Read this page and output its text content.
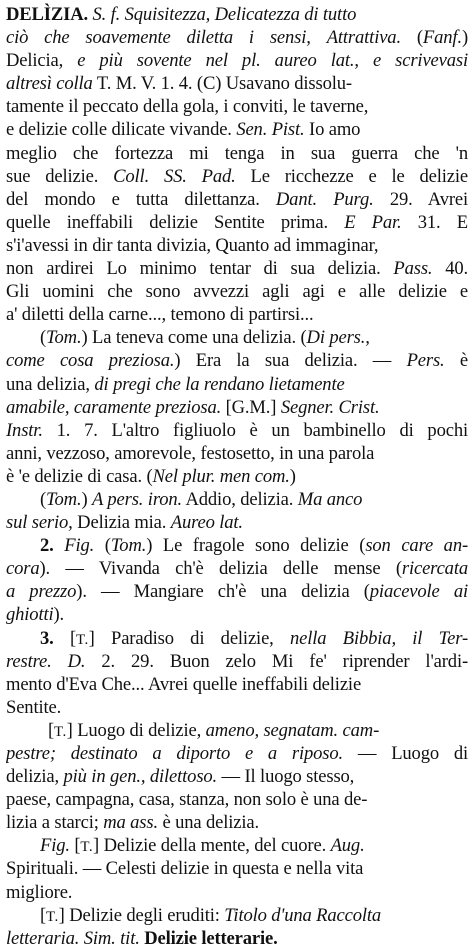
DELÌZIA. S. f. Squisitezza, Delicatezza di tutto
ciò che soavemente diletta i sensi, Attrattiva. (Fanf.)
Delicia, e più sovente nel pl. aureo lat., e scrivevasi
altresì colla T. M. V. 1. 4. (C) Usavano dissolu-
tamente il peccato della gola, i conviti, le taverne,
e delizie colle dilicate vivande. Sen. Pist. Io amo
meglio che fortezza mi tenga in sua guerra che 'n
sue delizie. Coll. SS. Pad. Le ricchezze e le delizie
del mondo e tutta dilettanza. Dant. Purg. 29. Avrei
quelle ineffabili delizie Sentite prima. E Par. 31. E
s'i'avessi in dir tanta divizia, Quanto ad immaginar,
non ardirei Lo minimo tentar di sua delizia. Pass. 40.
Gli uomini che sono avvezzi agli agi e alle delizie e
a' diletti della carne..., temono di partirsi...
(Tom.) La teneva come una delizia. (Di pers.,
come cosa preziosa.) Era la sua delizia. — Pers. è
una delizia, di pregi che la rendano lietamente
amabile, caramente preziosa. [G.M.] Segner. Crist.
Instr. 1. 7. L'altro figliuolo è un bambinello di pochi
anni, vezzoso, amorevole, festosetto, in una parola
è 'e delizie di casa. (Nel plur. men com.)
(Tom.) A pers. iron. Addio, delizia. Ma anco
sul serio, Delizia mia. Aureo lat.
2. Fig. (Tom.) Le fragole sono delizie (son care an-
cora). — Vivanda ch'è delizia delle mense (ricercata
a prezzo). — Mangiare ch'è una delizia (piacevole ai
ghiotti).
3. [T.] Paradiso di delizie, nella Bibbia, il Ter-
restre. D. 2. 29. Buon zelo Mi fe' riprender l'ardi-
mento d'Eva Che... Avrei quelle ineffabili delizie
Sentite.
[T.] Luogo di delizie, ameno, segnatam. cam-
pestre; destinato a diporto e a riposo. — Luogo di
delizia, più in gen., dilettoso. — Il luogo stesso,
paese, campagna, casa, stanza, non solo è una de-
lizia a starci; ma ass. è una delizia.
Fig. [T.] Delizie della mente, del cuore. Aug.
Spirituali. — Celesti delizie in questa e nella vita
migliore.
[T.] Delizie degli eruditi: Titolo d'una Raccolta
letteraria. Sim. tit. Delizie letterarie.
